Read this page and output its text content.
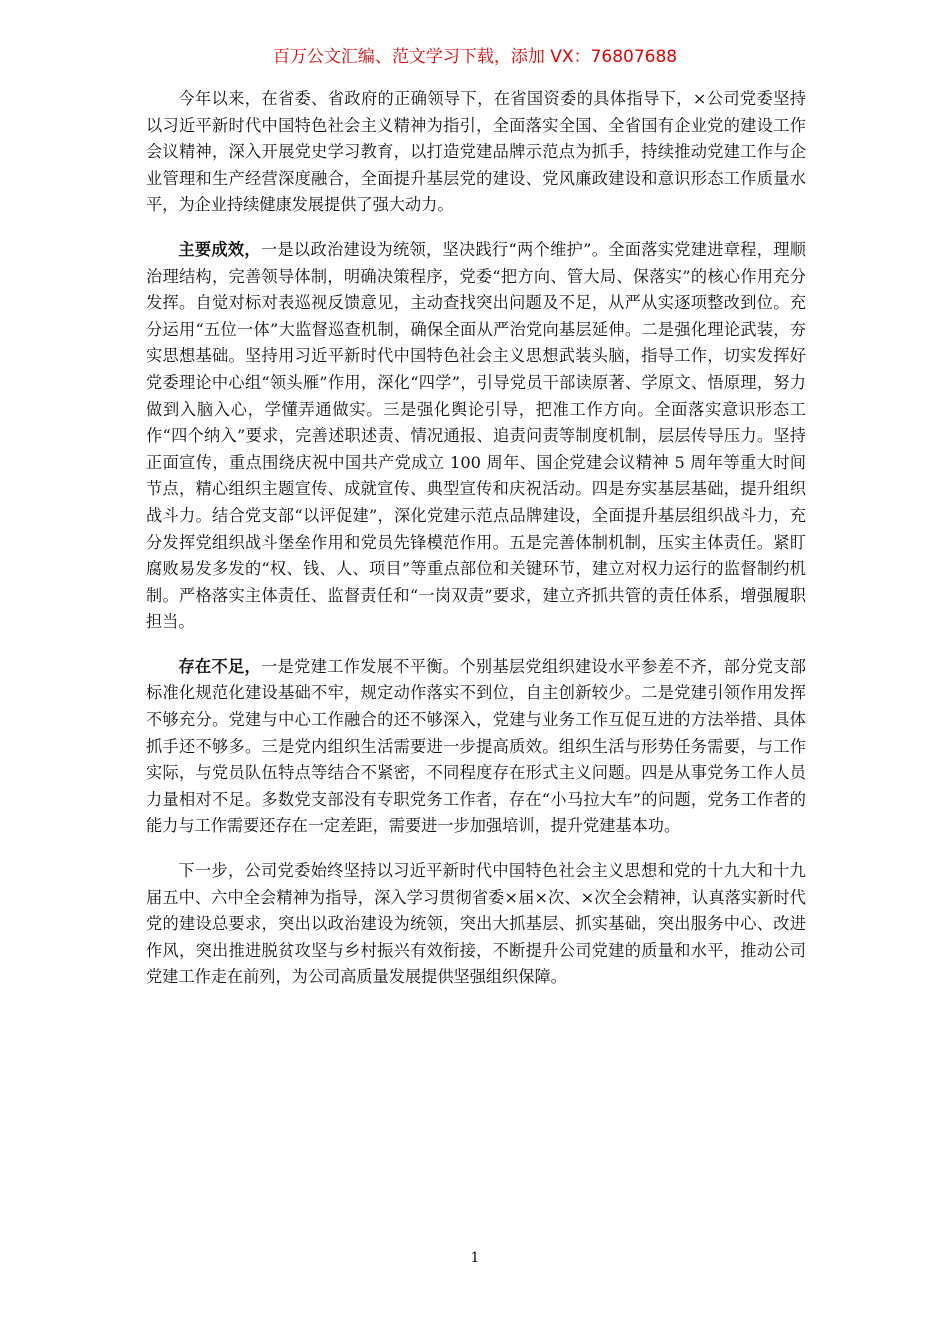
百万公文汇编、范文学习下载，添加 VX：76807688

今年以来，在省委、省政府的正确领导下，在省国资委的具体指导下，×公司党委坚持以习近平新时代中国特色社会主义精神为指引，全面落实全国、全省国有企业党的建设工作会议精神，深入开展党史学习教育，以打造党建品牌示范点为抓手，持续推动党建工作与企业管理和生产经营深度融合，全面提升基层党的建设、党风廉政建设和意识形态工作质量水平，为企业持续健康发展提供了强大动力。

主要成效，一是以政治建设为统领，坚决践行“两个维护”。全面落实党建进章程，理顺治理结构，完善领导体制，明确决策程序，党委“把方向、管大局、保落实”的核心作用充分发挥。自觉对标对表巡视反馈意见，主动查找突出问题及不足，从严从实逐项整改到位。充分运用“五位一体”大监督巡查机制，确保全面从严治党向基层延伸。二是强化理论武装，夯实思想基础。坚持用习近平新时代中国特色社会主义思想武装头脑，指导工作，切实发挥好党委理论中心组“领头雁”作用，深化“四学”，引导党员干部读原著、学原文、悟原理，努力做到入脑入心，学懂弄通做实。三是强化舆论引导，把准工作方向。全面落实意识形态工作“四个纳入”要求，完善述职述责、情况通报、追责问责等制度机制，层层传导压力。坚持正面宣传，重点围绕庆祝中国共产党成立 100 周年、国企党建会议精神 5 周年等重大时间节点，精心组织主题宣传、成就宣传、典型宣传和庆祝活动。四是夯实基层基础，提升组织战斗力。结合党支部“以评促建”，深化党建示范点品牌建设，全面提升基层组织战斗力，充分发挥党组织战斗堡垒作用和党员先锋模范作用。五是完善体制机制，压实主体责任。紧盯腐败易发多发的“权、钱、人、项目”等重点部位和关键环节，建立对权力运行的监督制约机制。严格落实主体责任、监督责任和“一岗双责”要求，建立齐抓共管的责任体系，增强履职担当。

存在不足，一是党建工作发展不平衡。个别基层党组织建设水平参差不齐，部分党支部标准化规范化建设基础不牢，规定动作落实不到位，自主创新较少。二是党建引领作用发挥不够充分。党建与中心工作融合的还不够深入，党建与业务工作互促互进的方法举措、具体抓手还不够多。三是党内组织生活需要进一步提高质效。组织生活与形势任务需要，与工作实际，与党员队伍特点等结合不紧密，不同程度存在形式主义问题。四是从事党务工作人员力量相对不足。多数党支部没有专职党务工作者，存在“小马拉大车”的问题，党务工作者的能力与工作需要还存在一定差距，需要进一步加强培训，提升党建基本功。

下一步，公司党委始终坚持以习近平新时代中国特色社会主义思想和党的十九大和十九届五中、六中全会精神为指导，深入学习贯彻省委×届×次、×次全会精神，认真落实新时代党的建设总要求，突出以政治建设为统领，突出大抓基层、抓实基础，突出服务中心、改进作风，突出推进脱贫攻坚与乡村振兴有效衔接，不断提升公司党建的质量和水平，推动公司党建工作走在前列，为公司高质量发展提供坚强组织保障。

1
